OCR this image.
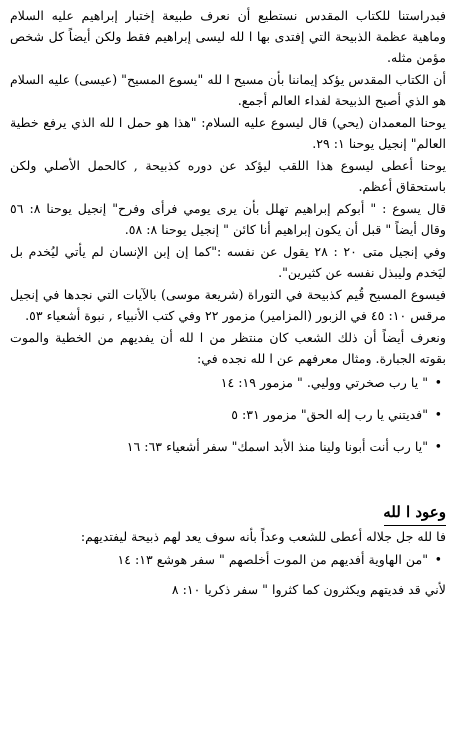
فبدراستنا للكتاب المقدس نستطيع أن نعرف طبيعة إختبار إبراهيم عليه السلام وماهية عظمة الذبيحة التي إفتدى بها ا لله ليسى إبراهيم فقط ولكن أيضاً كل شخص مؤمن مثله.

أن الكتاب المقدس يؤكد إيماننا بأن مسيح ا لله "يسوع المسيح" (عيسى) عليه السلام هو الذي أصبح الذبيحة لفداء العالم أجمع.

يوحنا المعمدان (يحي) قال ليسوع عليه السلام: "هذا هو حمل ا لله الذي يرفع خطية العالم" إنجيل يوحنا ١: ٢٩.

يوحنا أعطى ليسوع هذا اللقب ليؤكد عن دوره كذبيحة , كالحمل الأصلي ولكن باستحقاق أعظم.

قال يسوع : " أبوكم إبراهيم تهلل بأن يرى يومي فرأى وفرح" إنجيل يوحنا ٨: ٥٦ وقال أيضاً " قبل أن يكون إبراهيم أنا كائن " إنجيل يوحنا ٨: ٥٨.

وفي إنجيل متى ٢٠ : ٢٨ يقول عن نفسه :"كما إن إبن الإنسان لم يأتي ليُخدم بل ليَخدم وليبذل نفسه عن كثيرين".

فيسوع المسيح قُيم كذبيحة في التوراة (شريعة موسى) بالآيات التي نجدها في إنجيل مرقس ١٠: ٤٥ في الزبور (المزامير) مزمور ٢٢ وفي كتب الأنبياء , نبوة أشعياء ٥٣.

ونعرف أيضاً أن ذلك الشعب كان منتظر من ا لله أن يفديهم من الخطية والموت بقوته الجبارة. ومثال معرفهم عن ا لله نجده في:

•
" يا رب صخرتي ووليي. " مزمور ١٩: ١٤
•
"فديتني يا رب إله الحق" مزمور ٣١: ٥
•
"يا رب أنت أبونا ولينا منذ الأبد اسمك" سفر أشعياء ٦٣: ١٦
وعود ا لله

فا لله جل جلاله أعطى للشعب وعداً بأنه سوف يعد لهم ذبيحة ليفتديهم:

•
"من الهاوية أفديهم من الموت أخلصهم " سفر هوشع ١٣: ١٤

لأني قد فديتهم ويكثرون كما كثروا " سفر ذكريا ١٠: ٨
